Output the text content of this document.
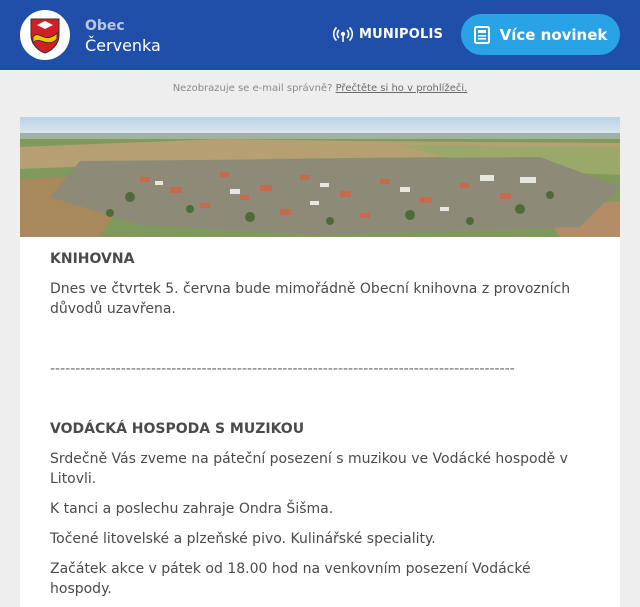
Obec
Červenka
MUNIPOLIS	Více novinek
Nezobrazuje se e-mail správně? Přečtěte si ho v prohlížeči.

KNIHOVNA

Dnes ve čtvrtek 5. června bude mimořádně Obecní knihovna z provozních důvodů uzavřena.

--------------------------------------------------------------------------------------------

VODÁCKÁ HOSPODA S MUZIKOU

Srdečně Vás zveme na páteční posezení s muzikou ve Vodácké hospodě v Litovli.

K tanci a poslechu zahraje Ondra Šišma.

Točené litovelské a plzeňské pivo. Kulinářské speciality.

Začátek akce v pátek od 18.00 hod na venkovním posezení Vodácké hospody.
